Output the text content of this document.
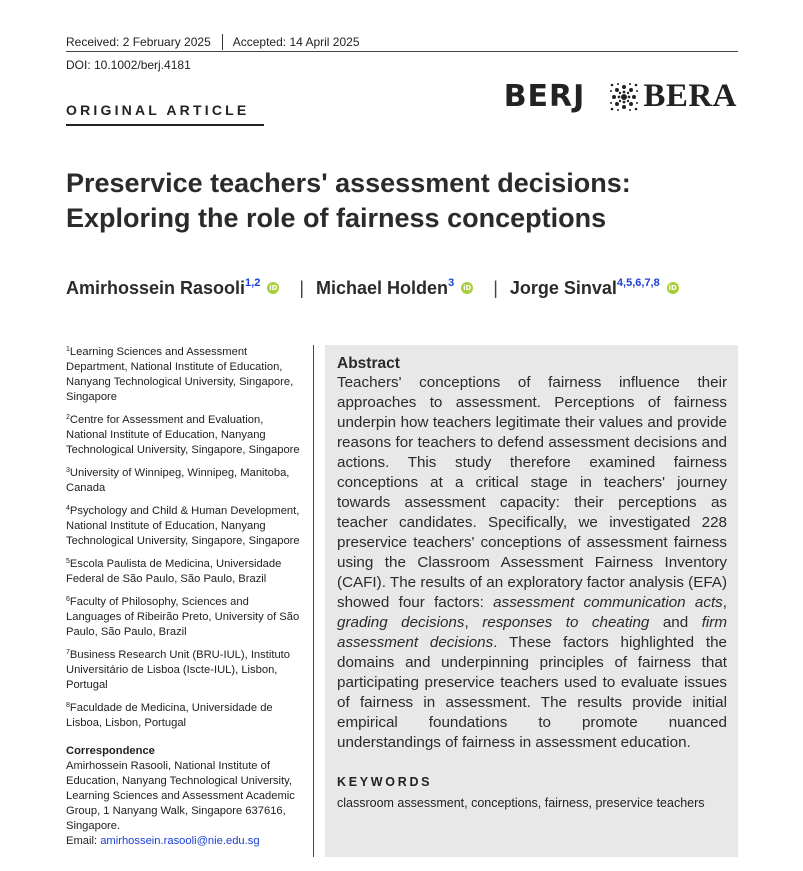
Received: 2 February 2025 Accepted: 14 April 2025
DOI: 10.1002/berj.4181
ORIGINAL ARTICLE	BERJ BERA
Preservice teachers' assessment decisions:
Exploring the role of fairness conceptions
Amirhossein Rasooli$^{1,2}$ iD | Michael Holden$^3$ iD | Jorge Sinval$^{4,5,6,7,8}$ iD
$^1$Learning Sciences and Assessment Department, National Institute of Education, Nanyang Technological University, Singapore, Singapore
$^2$Centre for Assessment and Evaluation, National Institute of Education, Nanyang Technological University, Singapore, Singapore
$^3$University of Winnipeg, Winnipeg, Manitoba, Canada
$^4$Psychology and Child & Human Development, National Institute of Education, Nanyang Technological University, Singapore, Singapore
$^5$Escola Paulista de Medicina, Universidade Federal de São Paulo, São Paulo, Brazil
$^6$Faculty of Philosophy, Sciences and Languages of Ribeirão Preto, University of São Paulo, São Paulo, Brazil
$^7$Business Research Unit (BRU-IUL), Instituto Universitário de Lisboa (Iscte-IUL), Lisbon, Portugal
$^8$Faculdade de Medicina, Universidade de Lisboa, Lisbon, Portugal
Correspondence
Amirhossein Rasooli, National Institute of Education, Nanyang Technological University, Learning Sciences and Assessment Academic Group, 1 Nanyang Walk, Singapore 637616, Singapore.
Email: amirhossein.rasooli@nie.edu.sg
Abstract

Teachers' conceptions of fairness influence their approaches to assessment. Perceptions of fairness underpin how teachers legitimate their values and provide reasons for teachers to defend assessment decisions and actions. This study therefore examined fairness conceptions at a critical stage in teachers' journey towards assessment capacity: their perceptions as teacher candidates. Specifically, we investigated 228 preservice teachers' conceptions of assessment fairness using the Classroom Assessment Fairness Inventory (CAFI). The results of an exploratory factor analysis (EFA) showed four factors: assessment communication acts, grading decisions, responses to cheating and firm assessment decisions. These factors highlighted the domains and underpinning principles of fairness that participating preservice teachers used to evaluate issues of fairness in assessment. The results provide initial empirical foundations to promote nuanced understandings of fairness in assessment education.

KEYWORDS
classroom assessment, conceptions, fairness, preservice teachers
